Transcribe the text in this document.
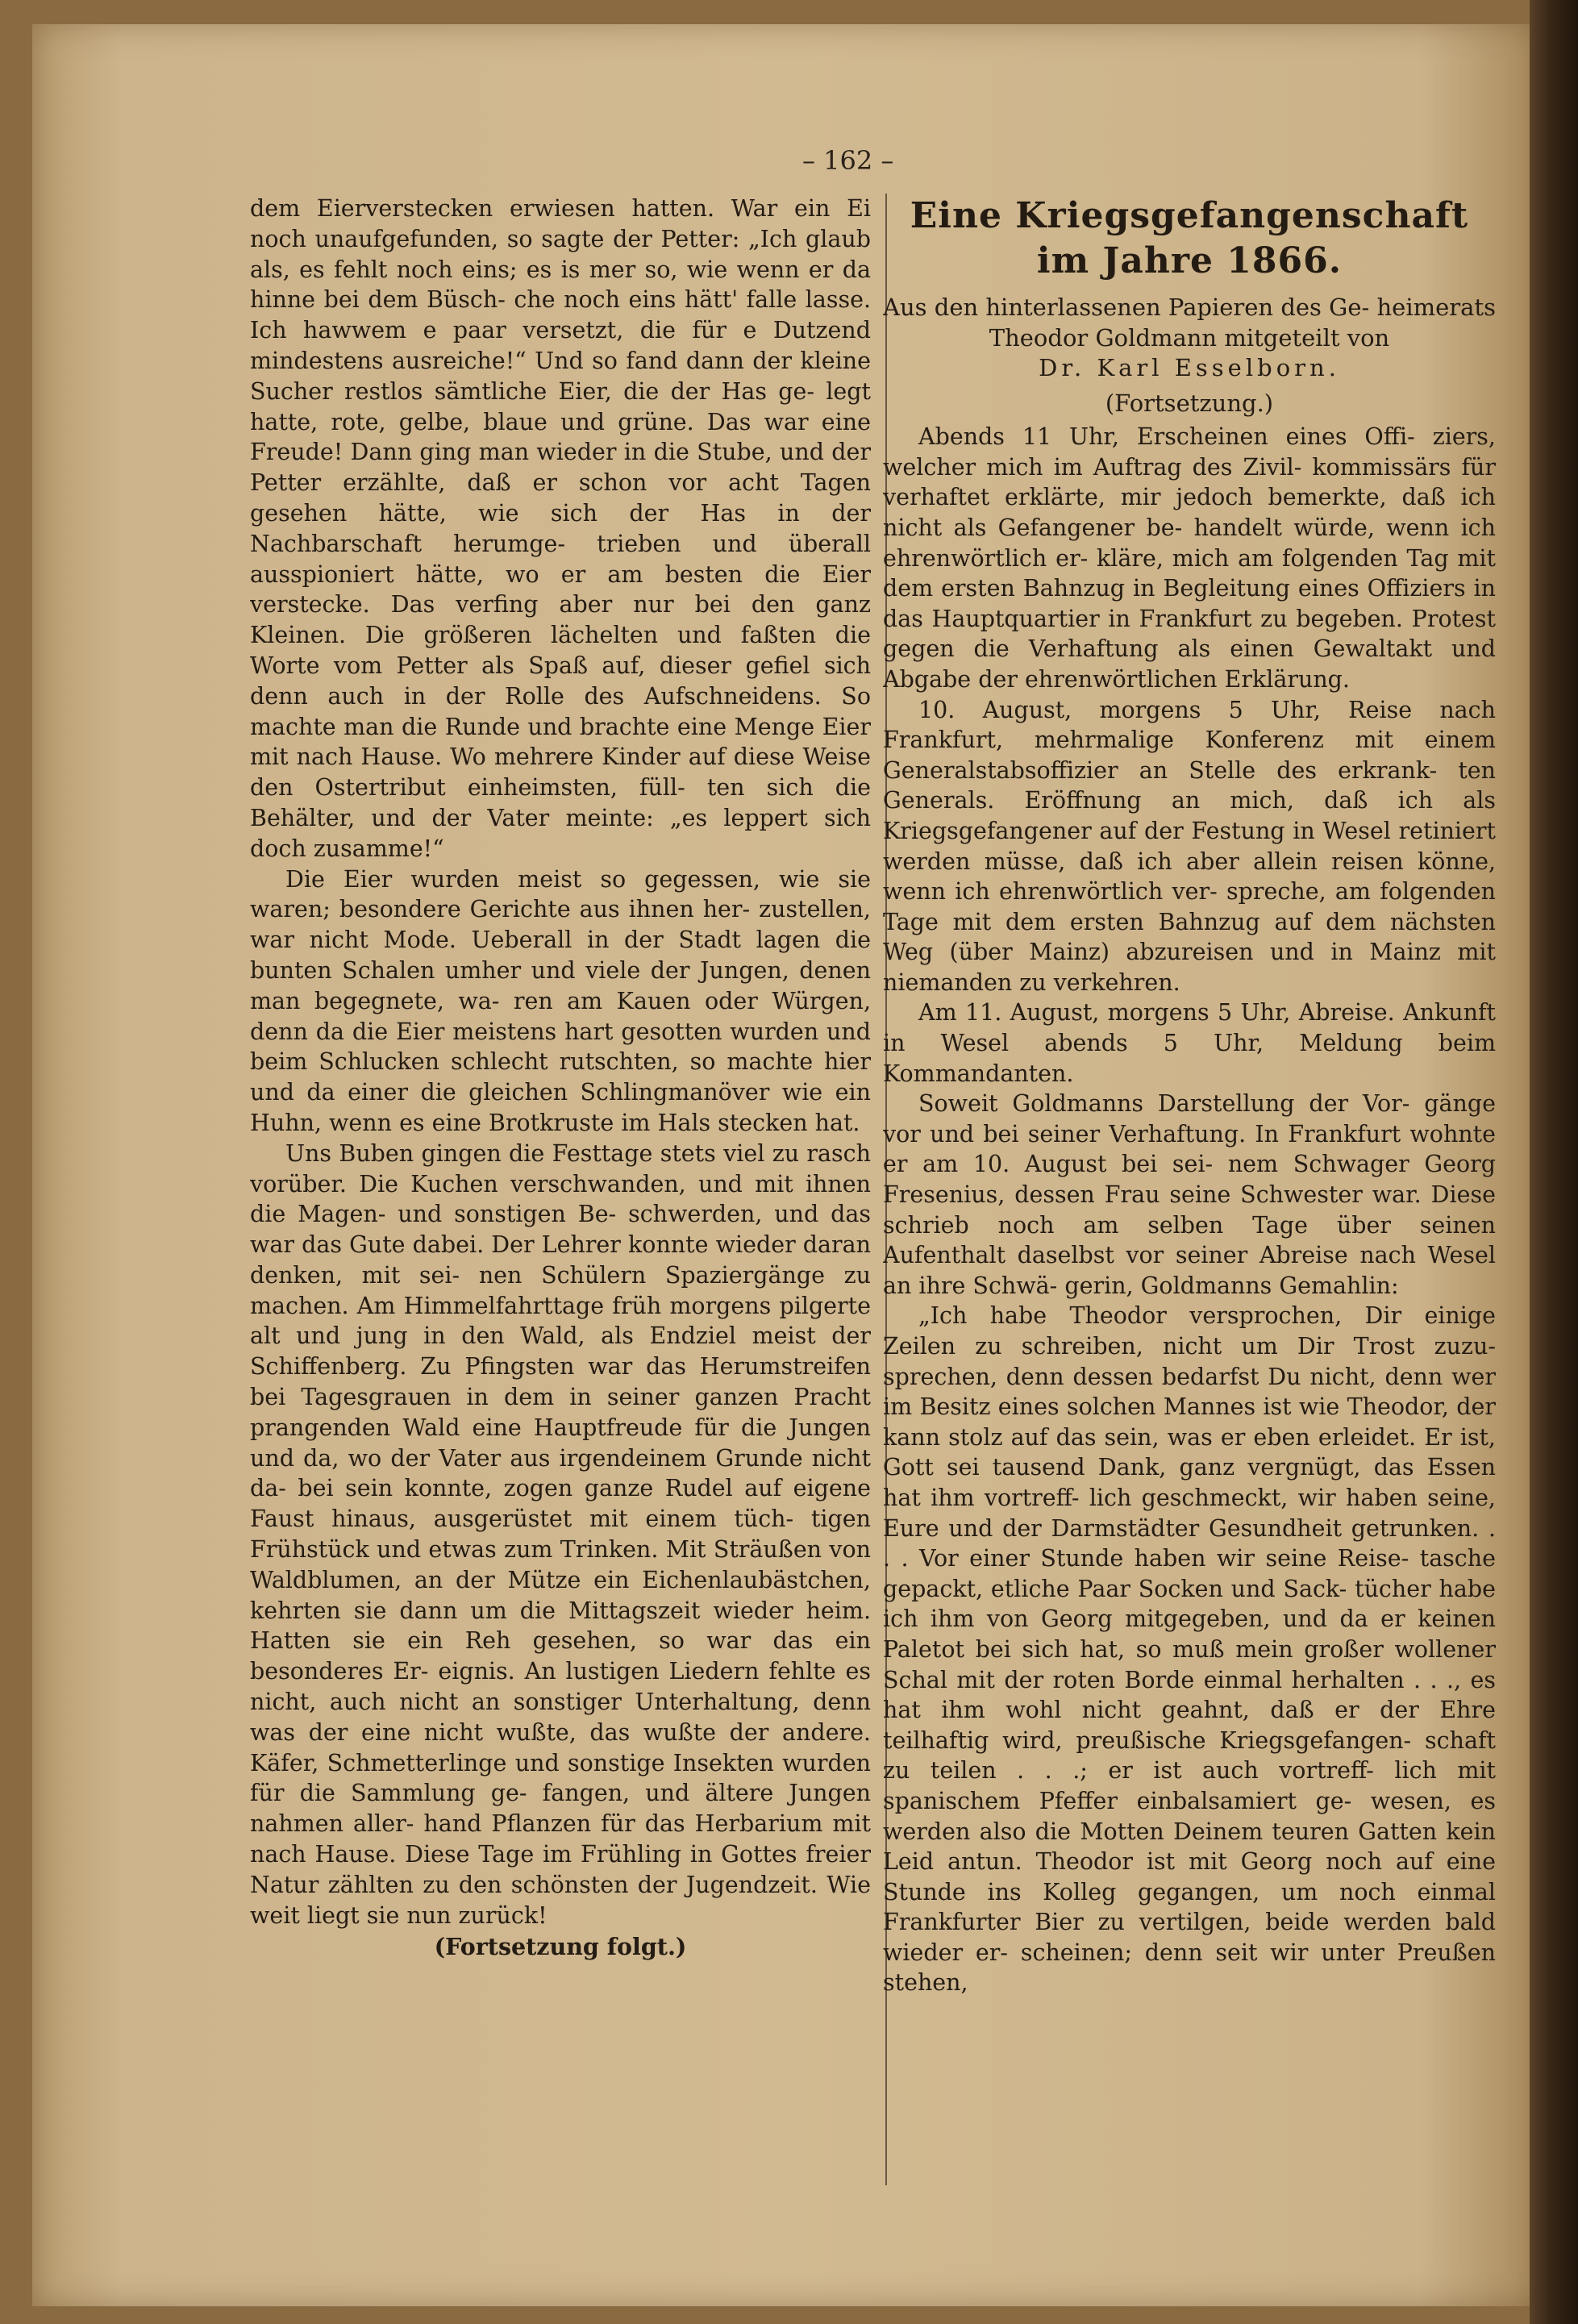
– 162 –

dem Eierverstecken erwiesen hatten. War ein Ei noch unaufgefunden, so sagte der Petter: „Ich glaub als, es fehlt noch eins; es is mer so, wie wenn er da hinne bei dem Büsch- che noch eins hätt' falle lasse. Ich hawwem e paar versetzt, die für e Dutzend mindestens ausreiche!“ Und so fand dann der kleine Sucher restlos sämtliche Eier, die der Has ge- legt hatte, rote, gelbe, blaue und grüne. Das war eine Freude! Dann ging man wieder in die Stube, und der Petter erzählte, daß er schon vor acht Tagen gesehen hätte, wie sich der Has in der Nachbarschaft herumge- trieben und überall ausspioniert hätte, wo er am besten die Eier verstecke. Das verfing aber nur bei den ganz Kleinen. Die größeren lächelten und faßten die Worte vom Petter als Spaß auf, dieser gefiel sich denn auch in der Rolle des Aufschneidens. So machte man die Runde und brachte eine Menge Eier mit nach Hause. Wo mehrere Kinder auf diese Weise den Ostertribut einheimsten, füll- ten sich die Behälter, und der Vater meinte: „es leppert sich doch zusamme!“

Die Eier wurden meist so gegessen, wie sie waren; besondere Gerichte aus ihnen her- zustellen, war nicht Mode. Ueberall in der Stadt lagen die bunten Schalen umher und viele der Jungen, denen man begegnete, wa- ren am Kauen oder Würgen, denn da die Eier meistens hart gesotten wurden und beim Schlucken schlecht rutschten, so machte hier und da einer die gleichen Schlingmanöver wie ein Huhn, wenn es eine Brotkruste im Hals stecken hat.

Uns Buben gingen die Festtage stets viel zu rasch vorüber. Die Kuchen verschwanden, und mit ihnen die Magen- und sonstigen Be- schwerden, und das war das Gute dabei. Der Lehrer konnte wieder daran denken, mit sei- nen Schülern Spaziergänge zu machen. Am Himmelfahrttage früh morgens pilgerte alt und jung in den Wald, als Endziel meist der Schiffenberg. Zu Pfingsten war das Herumstreifen bei Tagesgrauen in dem in seiner ganzen Pracht prangenden Wald eine Hauptfreude für die Jungen und da, wo der Vater aus irgendeinem Grunde nicht da- bei sein konnte, zogen ganze Rudel auf eigene Faust hinaus, ausgerüstet mit einem tüch- tigen Frühstück und etwas zum Trinken. Mit Sträußen von Waldblumen, an der Mütze ein Eichenlaubästchen, kehrten sie dann um die Mittagszeit wieder heim. Hatten sie ein Reh gesehen, so war das ein besonderes Er- eignis. An lustigen Liedern fehlte es nicht, auch nicht an sonstiger Unterhaltung, denn was der eine nicht wußte, das wußte der andere. Käfer, Schmetterlinge und sonstige Insekten wurden für die Sammlung ge- fangen, und ältere Jungen nahmen aller- hand Pflanzen für das Herbarium mit nach Hause. Diese Tage im Frühling in Gottes freier Natur zählten zu den schönsten der Jugendzeit. Wie weit liegt sie nun zurück!

(Fortsetzung folgt.)

Eine Kriegsgefangenschaft

im Jahre 1866.

Aus den hinterlassenen Papieren des Ge- heimerats Theodor Goldmann mitgeteilt von

Dr. Karl Esselborn.

(Fortsetzung.)

Abends 11 Uhr, Erscheinen eines Offi- ziers, welcher mich im Auftrag des Zivil- kommissärs für verhaftet erklärte, mir jedoch bemerkte, daß ich nicht als Gefangener be- handelt würde, wenn ich ehrenwörtlich er- kläre, mich am folgenden Tag mit dem ersten Bahnzug in Begleitung eines Offiziers in das Hauptquartier in Frankfurt zu begeben. Protest gegen die Verhaftung als einen Gewaltakt und Abgabe der ehrenwörtlichen Erklärung.

10. August, morgens 5 Uhr, Reise nach Frankfurt, mehrmalige Konferenz mit einem Generalstabsoffizier an Stelle des erkrank- ten Generals. Eröffnung an mich, daß ich als Kriegsgefangener auf der Festung in Wesel retiniert werden müsse, daß ich aber allein reisen könne, wenn ich ehrenwörtlich ver- spreche, am folgenden Tage mit dem ersten Bahnzug auf dem nächsten Weg (über Mainz) abzureisen und in Mainz mit niemanden zu verkehren.

Am 11. August, morgens 5 Uhr, Abreise. Ankunft in Wesel abends 5 Uhr, Meldung beim Kommandanten.

Soweit Goldmanns Darstellung der Vor- gänge vor und bei seiner Verhaftung. In Frankfurt wohnte er am 10. August bei sei- nem Schwager Georg Fresenius, dessen Frau seine Schwester war. Diese schrieb noch am selben Tage über seinen Aufenthalt daselbst vor seiner Abreise nach Wesel an ihre Schwä- gerin, Goldmanns Gemahlin:

„Ich habe Theodor versprochen, Dir einige Zeilen zu schreiben, nicht um Dir Trost zuzu- sprechen, denn dessen bedarfst Du nicht, denn wer im Besitz eines solchen Mannes ist wie Theodor, der kann stolz auf das sein, was er eben erleidet. Er ist, Gott sei tausend Dank, ganz vergnügt, das Essen hat ihm vortreff- lich geschmeckt, wir haben seine, Eure und der Darmstädter Gesundheit getrunken. . . . Vor einer Stunde haben wir seine Reise- tasche gepackt, etliche Paar Socken und Sack- tücher habe ich ihm von Georg mitgegeben, und da er keinen Paletot bei sich hat, so muß mein großer wollener Schal mit der roten Borde einmal herhalten . . ., es hat ihm wohl nicht geahnt, daß er der Ehre teilhaftig wird, preußische Kriegsgefangen- schaft zu teilen . . .; er ist auch vortreff- lich mit spanischem Pfeffer einbalsamiert ge- wesen, es werden also die Motten Deinem teuren Gatten kein Leid antun. Theodor ist mit Georg noch auf eine Stunde ins Kolleg gegangen, um noch einmal Frankfurter Bier zu vertilgen, beide werden bald wieder er- scheinen; denn seit wir unter Preußen stehen,
